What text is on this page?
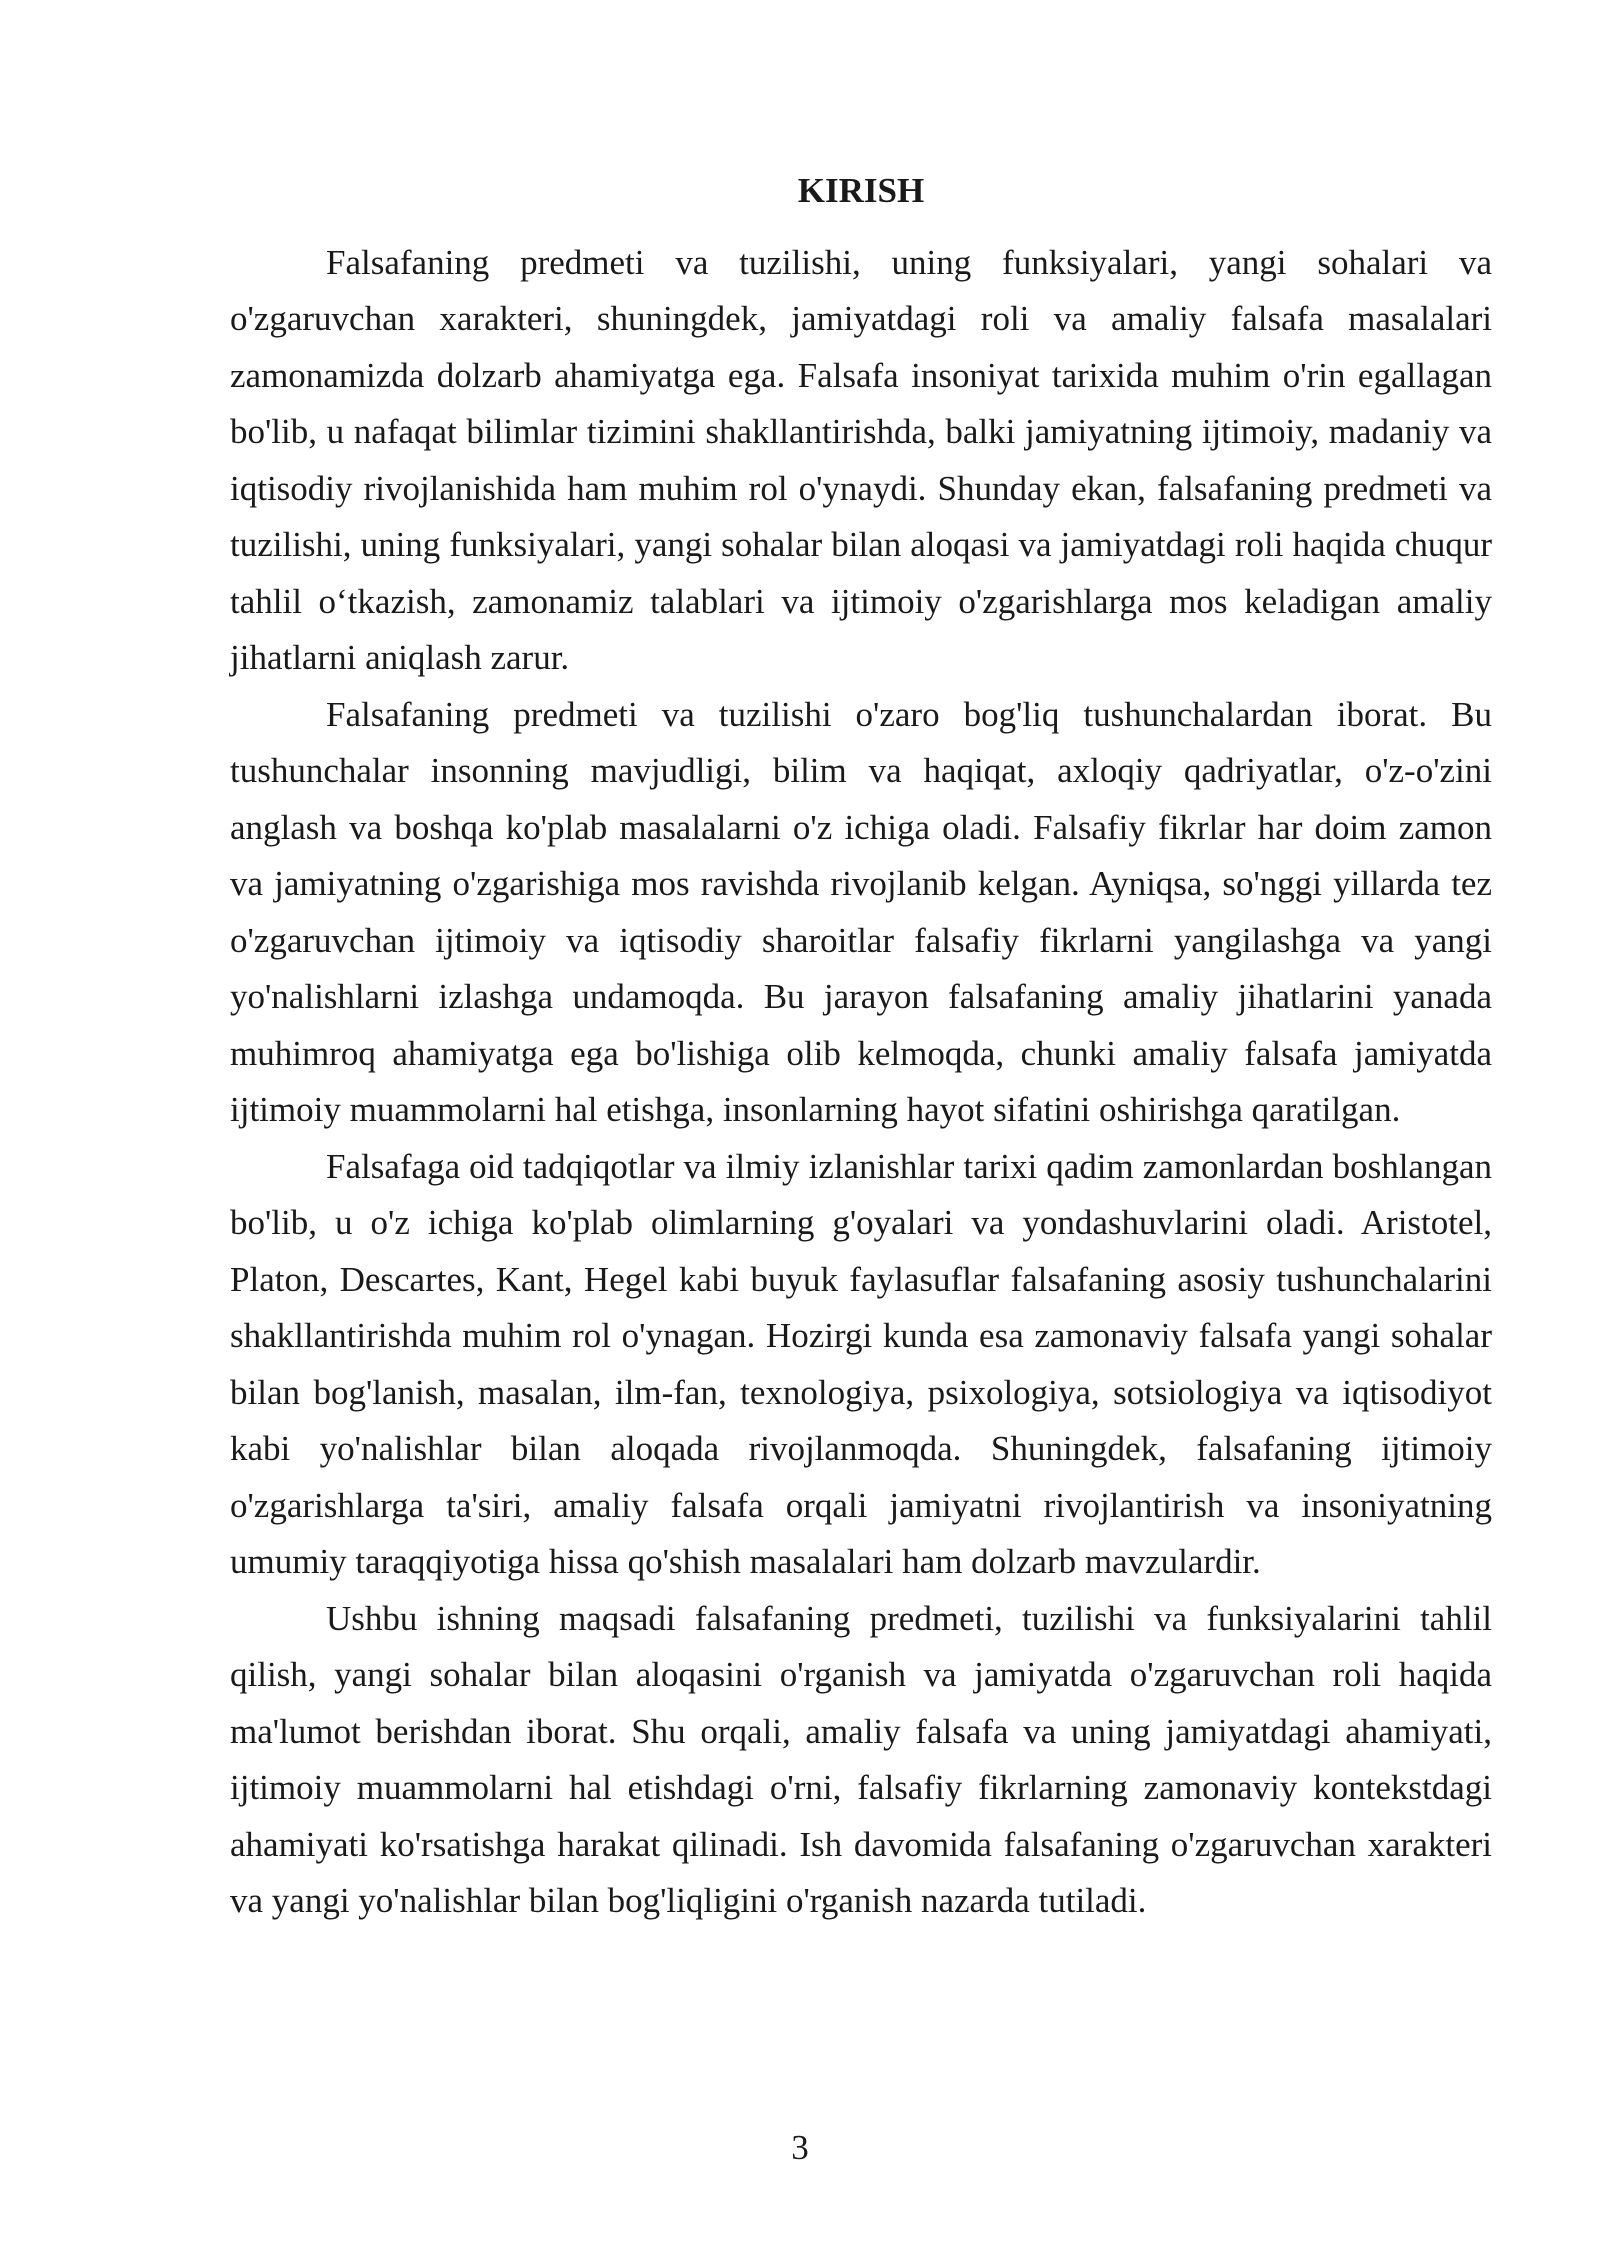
KIRISH

Falsafaning predmeti va tuzilishi, uning funksiyalari, yangi sohalari va o'zgaruvchan xarakteri, shuningdek, jamiyatdagi roli va amaliy falsafa masalalari zamonamizda dolzarb ahamiyatga ega. Falsafa insoniyat tarixida muhim o'rin egallagan bo'lib, u nafaqat bilimlar tizimini shakllantirishda, balki jamiyatning ijtimoiy, madaniy va iqtisodiy rivojlanishida ham muhim rol o'ynaydi. Shunday ekan, falsafaning predmeti va tuzilishi, uning funksiyalari, yangi sohalar bilan aloqasi va jamiyatdagi roli haqida chuqur tahlil o‘tkazish, zamonamiz talablari va ijtimoiy o'zgarishlarga mos keladigan amaliy jihatlarni aniqlash zarur.

Falsafaning predmeti va tuzilishi o'zaro bog'liq tushunchalardan iborat. Bu tushunchalar insonning mavjudligi, bilim va haqiqat, axloqiy qadriyatlar, o'z-o'zini anglash va boshqa ko'plab masalalarni o'z ichiga oladi. Falsafiy fikrlar har doim zamon va jamiyatning o'zgarishiga mos ravishda rivojlanib kelgan. Ayniqsa, so'nggi yillarda tez o'zgaruvchan ijtimoiy va iqtisodiy sharoitlar falsafiy fikrlarni yangilashga va yangi yo'nalishlarni izlashga undamoqda. Bu jarayon falsafaning amaliy jihatlarini yanada muhimroq ahamiyatga ega bo'lishiga olib kelmoqda, chunki amaliy falsafa jamiyatda ijtimoiy muammolarni hal etishga, insonlarning hayot sifatini oshirishga qaratilgan.

Falsafaga oid tadqiqotlar va ilmiy izlanishlar tarixi qadim zamonlardan boshlangan bo'lib, u o'z ichiga ko'plab olimlarning g'oyalari va yondashuvlarini oladi. Aristotel, Platon, Descartes, Kant, Hegel kabi buyuk faylasuflar falsafaning asosiy tushunchalarini shakllantirishda muhim rol o'ynagan. Hozirgi kunda esa zamonaviy falsafa yangi sohalar bilan bog'lanish, masalan, ilm-fan, texnologiya, psixologiya, sotsiologiya va iqtisodiyot kabi yo'nalishlar bilan aloqada rivojlanmoqda. Shuningdek, falsafaning ijtimoiy o'zgarishlarga ta'siri, amaliy falsafa orqali jamiyatni rivojlantirish va insoniyatning umumiy taraqqiyotiga hissa qo'shish masalalari ham dolzarb mavzulardir.

Ushbu ishning maqsadi falsafaning predmeti, tuzilishi va funksiyalarini tahlil qilish, yangi sohalar bilan aloqasini o'rganish va jamiyatda o'zgaruvchan roli haqida ma'lumot berishdan iborat. Shu orqali, amaliy falsafa va uning jamiyatdagi ahamiyati, ijtimoiy muammolarni hal etishdagi o'rni, falsafiy fikrlarning zamonaviy kontekstdagi ahamiyati ko'rsatishga harakat qilinadi. Ish davomida falsafaning o'zgaruvchan xarakteri va yangi yo'nalishlar bilan bog'liqligini o'rganish nazarda tutiladi.

3
